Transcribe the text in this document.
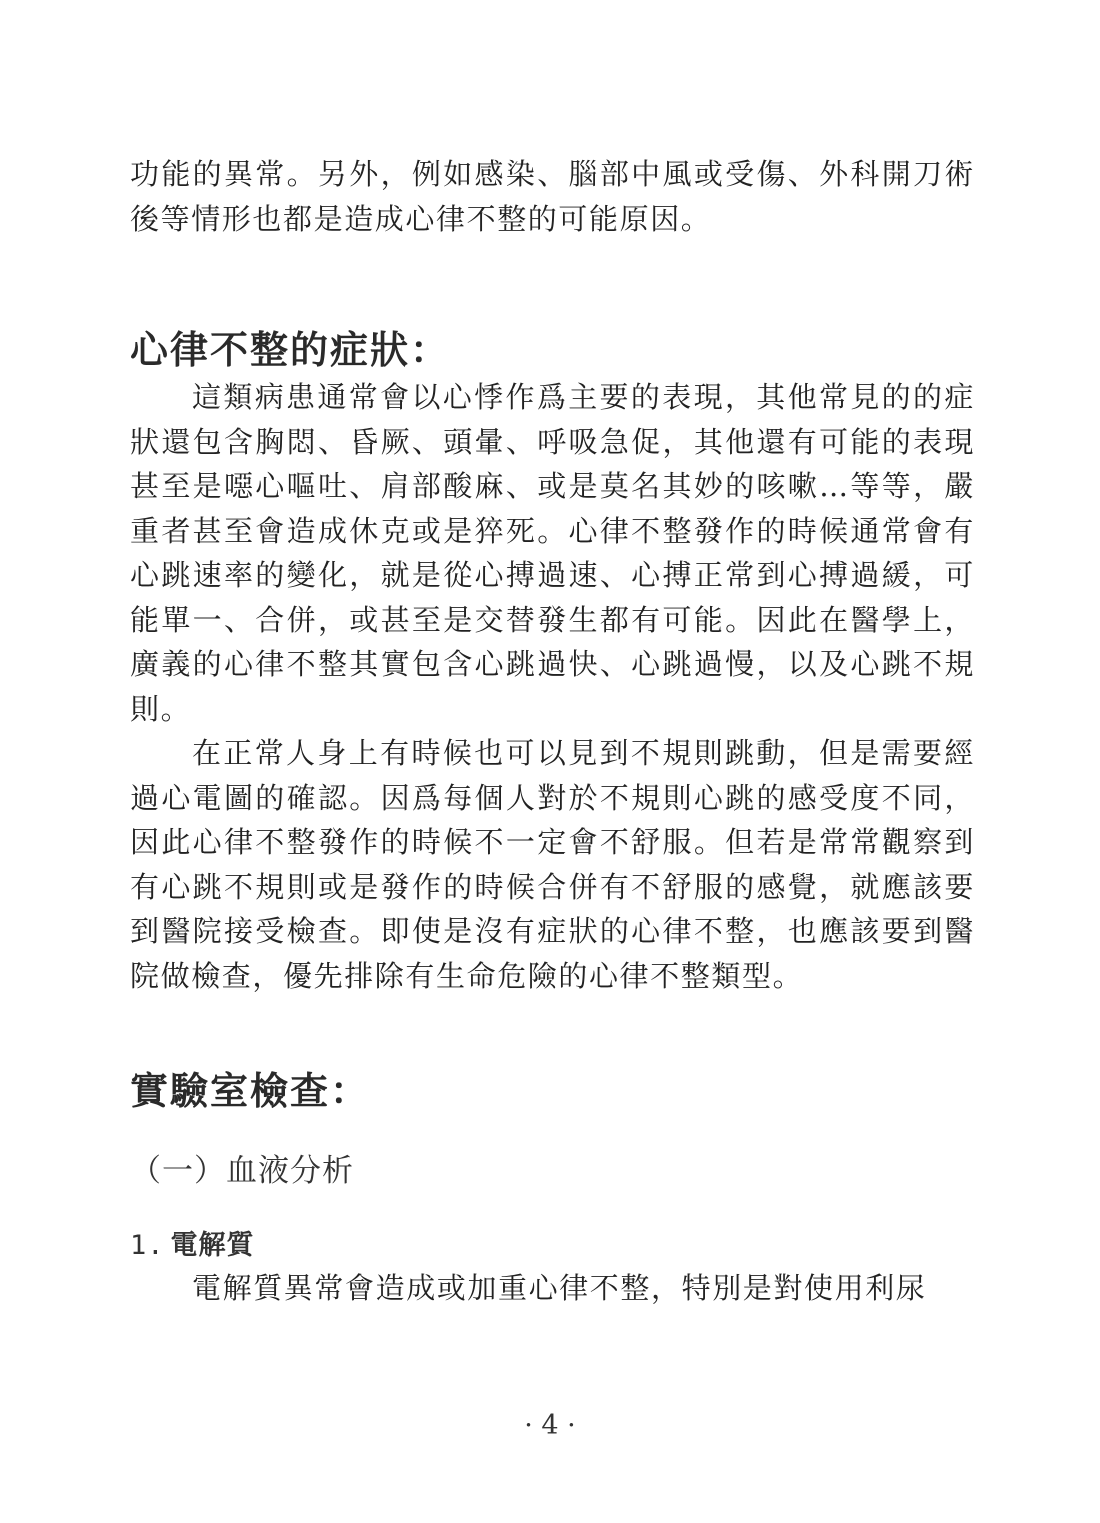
功能的異常。另外，例如感染、腦部中風或受傷、外科開刀術後等情形也都是造成心律不整的可能原因。

心律不整的症狀：

這類病患通常會以心悸作爲主要的表現，其他常見的的症狀還包含胸悶、昏厥、頭暈、呼吸急促，其他還有可能的表現甚至是噁心嘔吐、肩部酸麻、或是莫名其妙的咳嗽…等等，嚴重者甚至會造成休克或是猝死。心律不整發作的時候通常會有心跳速率的變化，就是從心搏過速、心搏正常到心搏過緩，可能單一、合併，或甚至是交替發生都有可能。因此在醫學上，廣義的心律不整其實包含心跳過快、心跳過慢，以及心跳不規則。

在正常人身上有時候也可以見到不規則跳動，但是需要經過心電圖的確認。因爲每個人對於不規則心跳的感受度不同，因此心律不整發作的時候不一定會不舒服。但若是常常觀察到有心跳不規則或是發作的時候合併有不舒服的感覺，就應該要到醫院接受檢查。即使是沒有症狀的心律不整，也應該要到醫院做檢查，優先排除有生命危險的心律不整類型。

實驗室檢查：
（一）血液分析
1. 電解質

電解質異常會造成或加重心律不整，特別是對使用利尿

· 4 ·
